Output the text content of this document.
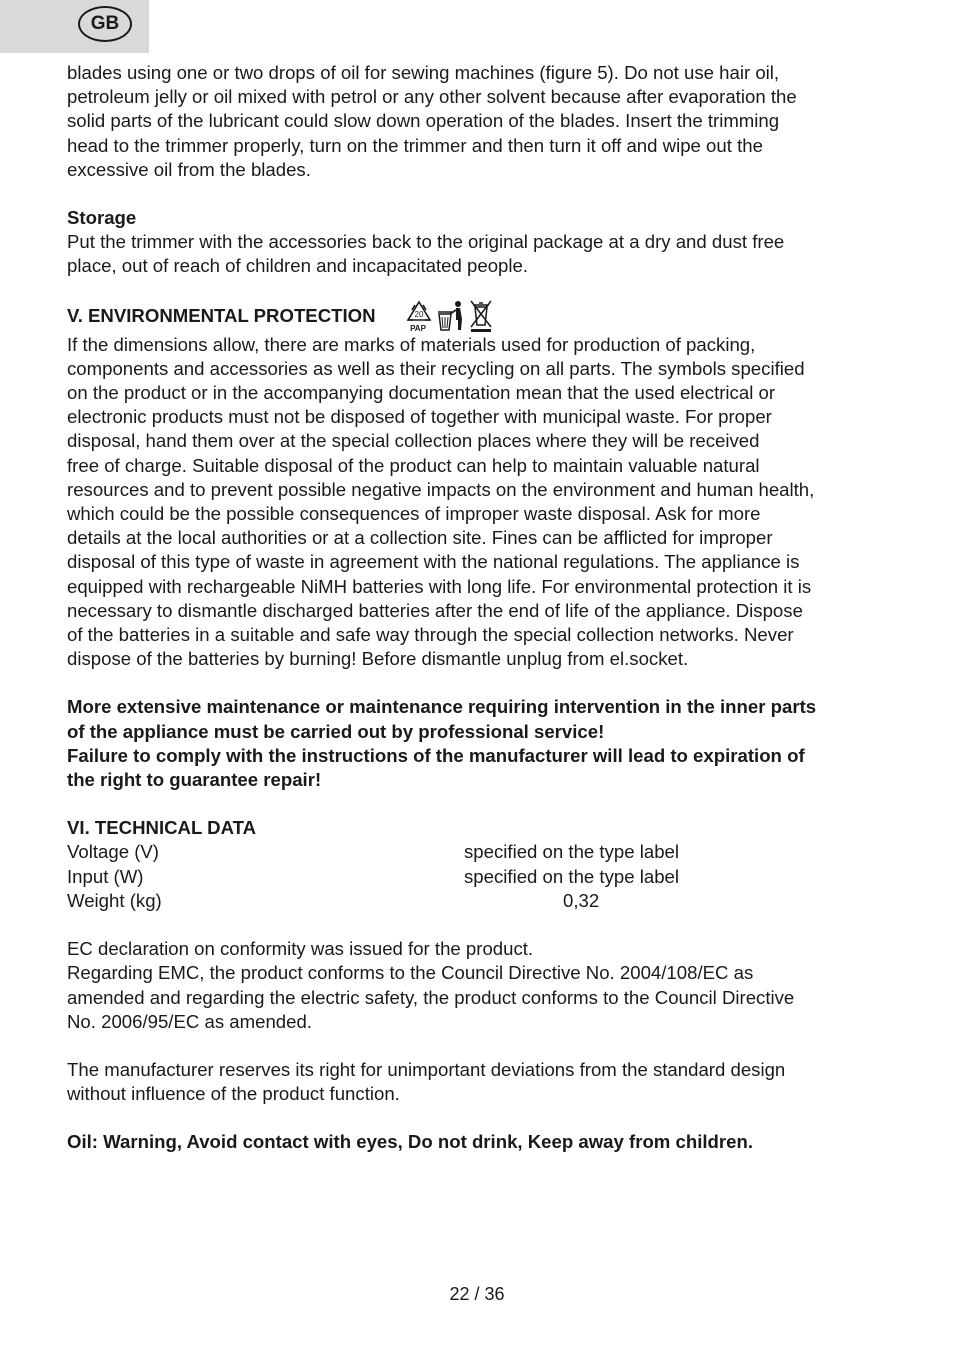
GB

blades using one or two drops of oil for sewing machines (figure 5). Do not use hair oil,

petroleum jelly or oil mixed with petrol or any other solvent because after evaporation the

solid parts of the lubricant could slow down operation of the blades. Insert the trimming

head to the trimmer properly, turn on the trimmer and then turn it off and wipe out the

excessive oil from the blades.

Storage

Put the trimmer with the accessories back to the original package at a dry and dust free

place, out of reach of children and incapacitated people.

V. ENVIRONMENTAL PROTECTION	20
PAP

If the dimensions allow, there are marks of materials used for production of packing,

components and accessories as well as their recycling on all parts. The symbols specified

on the product or in the accompanying documentation mean that the used electrical or

electronic products must not be disposed of together with municipal waste. For proper

disposal, hand them over at the special collection places where they will be received

free of charge. Suitable disposal of the product can help to maintain valuable natural

resources and to prevent possible negative impacts on the environment and human health,

which could be the possible consequences of improper waste disposal. Ask for more

details at the local authorities or at a collection site. Fines can be afflicted for improper

disposal of this type of waste in agreement with the national regulations. The appliance is

equipped with rechargeable NiMH batteries with long life. For environmental protection it is

necessary to dismantle discharged batteries after the end of life of the appliance. Dispose

of the batteries in a suitable and safe way through the special collection networks. Never

dispose of the batteries by burning! Before dismantle unplug from el.socket.

More extensive maintenance or maintenance requiring intervention in the inner parts

of the appliance must be carried out by professional service!

Failure to comply with the instructions of the manufacturer will lead to expiration of

the right to guarantee repair!

VI. TECHNICAL DATA

Voltage (V)	specified on the type label
Input (W)	specified on the type label
Weight (kg)	0,32

EC declaration on conformity was issued for the product.

Regarding EMC, the product conforms to the Council Directive No. 2004/108/EC as

amended and regarding the electric safety, the product conforms to the Council Directive

No. 2006/95/EC as amended.

The manufacturer reserves its right for unimportant deviations from the standard design

without influence of the product function.

Oil: Warning, Avoid contact with eyes, Do not drink, Keep away from children.

22 / 36
